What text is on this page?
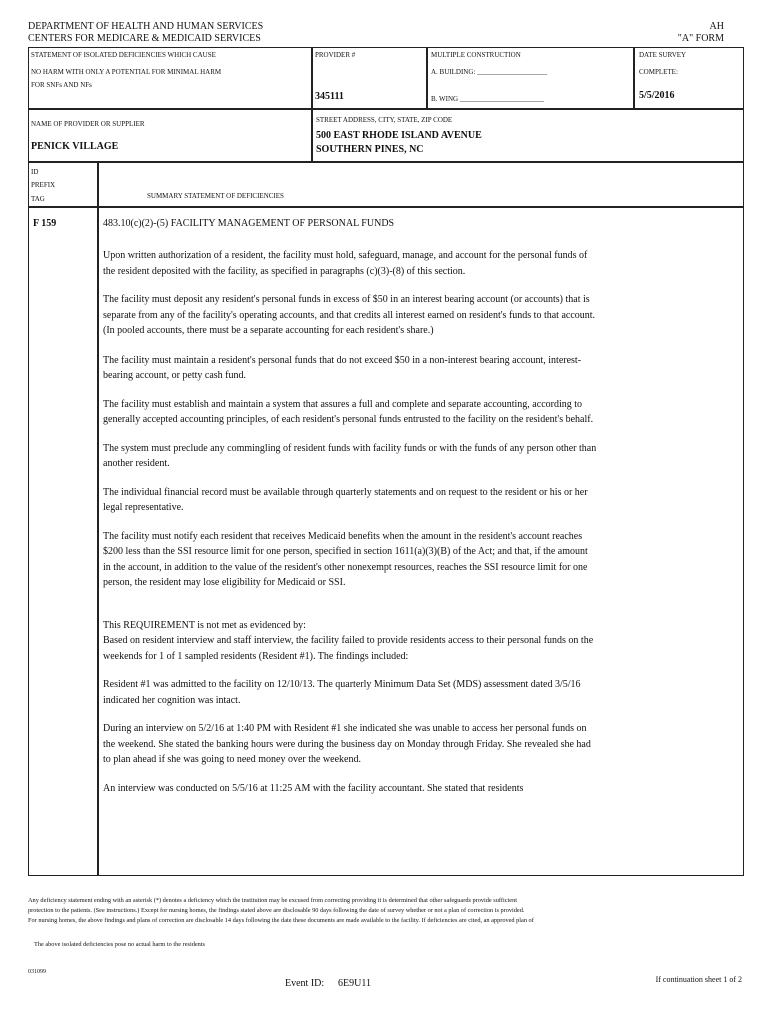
DEPARTMENT OF HEALTH AND HUMAN SERVICES
CENTERS FOR MEDICARE & MEDICAID SERVICES
AH
"A" FORM
STATEMENT OF ISOLATED DEFICIENCIES WHICH CAUSE
NO HARM WITH ONLY A POTENTIAL FOR MINIMAL HARM
FOR SNFs AND NFs
PROVIDER #
345111
MULTIPLE CONSTRUCTION
A. BUILDING: ____________________
B. WING ________________________
DATE SURVEY
COMPLETE:
5/5/2016
NAME OF PROVIDER OR SUPPLIER
PENICK VILLAGE
STREET ADDRESS, CITY, STATE, ZIP CODE
500 EAST RHODE ISLAND AVENUE
SOUTHERN PINES, NC
ID
PREFIX
TAG	SUMMARY STATEMENT OF DEFICIENCIES
F 159	483.10(c)(2)-(5) FACILITY MANAGEMENT OF PERSONAL FUNDS

Upon written authorization of a resident, the facility must hold, safeguard, manage, and account for the personal funds of the resident deposited with the facility, as specified in paragraphs (c)(3)-(8) of this section.

The facility must deposit any resident's personal funds in excess of $50 in an interest bearing account (or accounts) that is separate from any of the facility's operating accounts, and that credits all interest earned on resident's funds to that account. (In pooled accounts, there must be a separate accounting for each resident's share.)

The facility must maintain a resident's personal funds that do not exceed $50 in a non-interest bearing account, interest-bearing account, or petty cash fund.

The facility must establish and maintain a system that assures a full and complete and separate accounting, according to generally accepted accounting principles, of each resident's personal funds entrusted to the facility on the resident's behalf.

The system must preclude any commingling of resident funds with facility funds or with the funds of any person other than another resident.

The individual financial record must be available through quarterly statements and on request to the resident or his or her legal representative.

The facility must notify each resident that receives Medicaid benefits when the amount in the resident's account reaches $200 less than the SSI resource limit for one person, specified in section 1611(a)(3)(B) of the Act; and that, if the amount in the account, in addition to the value of the resident's other nonexempt resources, reaches the SSI resource limit for one person, the resident may lose eligibility for Medicaid or SSI.

This REQUIREMENT is not met as evidenced by:
Based on resident interview and staff interview, the facility failed to provide residents access to their personal funds on the weekends for 1 of 1 sampled residents (Resident #1). The findings included:

Resident #1 was admitted to the facility on 12/10/13. The quarterly Minimum Data Set (MDS) assessment dated 3/5/16 indicated her cognition was intact.

During an interview on 5/2/16 at 1:40 PM with Resident #1 she indicated she was unable to access her personal funds on the weekend. She stated the banking hours were during the business day on Monday through Friday. She revealed she had to plan ahead if she was going to need money over the weekend.

An interview was conducted on 5/5/16 at 11:25 AM with the facility accountant. She stated that residents

Any deficiency statement ending with an asterisk (*) denotes a deficiency which the institution may be excused from correcting providing it is determined that other safeguards provide sufficient
protection to the patients. (See instructions.) Except for nursing homes, the findings stated above are disclosable 90 days following the date of survey whether or not a plan of correction is provided.
For nursing homes, the above findings and plans of correction are disclosable 14 days following the date these documents are made available to the facility. If deficiencies are cited, an approved plan of
The above isolated deficiencies pose no actual harm to the residents
031099
Event ID: 6E9U11	If continuation sheet 1 of 2
